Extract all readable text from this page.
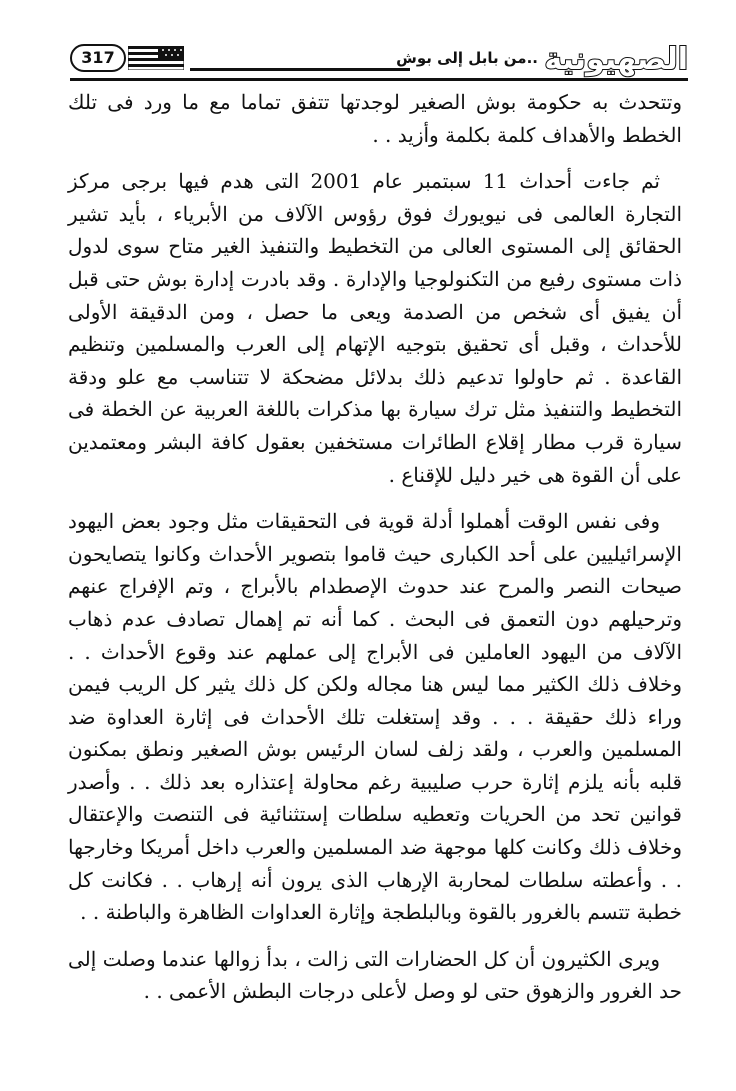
الصهيونية
..من بابل إلى بوش
317

وتتحدث به حكومة بوش الصغير لوجدتها تتفق تماما مع ما ورد فى تلك الخطط والأهداف كلمة بكلمة وأزيد . .

ثم جاءت أحداث 11 سبتمبر عام 2001 التى هدم فيها برجى مركز التجارة العالمى فى نيويورك فوق رؤوس الآلاف من الأبرياء ، بأيد تشير الحقائق إلى المستوى العالى من التخطيط والتنفيذ الغير متاح سوى لدول ذات مستوى رفيع من التكنولوجيا والإدارة . وقد بادرت إدارة بوش حتى قبل أن يفيق أى شخص من الصدمة ويعى ما حصل ، ومن الدقيقة الأولى للأحداث ، وقبل أى تحقيق بتوجيه الإتهام إلى العرب والمسلمين وتنظيم القاعدة . ثم حاولوا تدعيم ذلك بدلائل مضحكة لا تتناسب مع علو ودقة التخطيط والتنفيذ مثل ترك سيارة بها مذكرات باللغة العربية عن الخطة فى سيارة قرب مطار إقلاع الطائرات مستخفين بعقول كافة البشر ومعتمدين على أن القوة هى خير دليل للإقناع .

وفى نفس الوقت أهملوا أدلة قوية فى التحقيقات مثل وجود بعض اليهود الإسرائيليين على أحد الكبارى حيث قاموا بتصوير الأحداث وكانوا يتصايحون صيحات النصر والمرح عند حدوث الإصطدام بالأبراج ، وتم الإفراج عنهم وترحيلهم دون التعمق فى البحث . كما أنه تم إهمال تصادف عدم ذهاب الآلاف من اليهود العاملين فى الأبراج إلى عملهم عند وقوع الأحداث . . وخلاف ذلك الكثير مما ليس هنا مجاله ولكن كل ذلك يثير كل الريب فيمن وراء ذلك حقيقة . . . وقد إستغلت تلك الأحداث فى إثارة العداوة ضد المسلمين والعرب ، ولقد زلف لسان الرئيس بوش الصغير ونطق بمكنون قلبه بأنه يلزم إثارة حرب صليبية رغم محاولة إعتذاره بعد ذلك . . وأصدر قوانين تحد من الحريات وتعطيه سلطات إستثنائية فى التنصت والإعتقال وخلاف ذلك وكانت كلها موجهة ضد المسلمين والعرب داخل أمريكا وخارجها . . وأعطته سلطات لمحاربة الإرهاب الذى يرون أنه إرهاب . . فكانت كل خطبة تتسم بالغرور بالقوة وبالبلطجة وإثارة العداوات الظاهرة والباطنة . .

ويرى الكثيرون أن كل الحضارات التى زالت ، بدأ زوالها عندما وصلت إلى حد الغرور والزهوق حتى لو وصل لأعلى درجات البطش الأعمى . .
